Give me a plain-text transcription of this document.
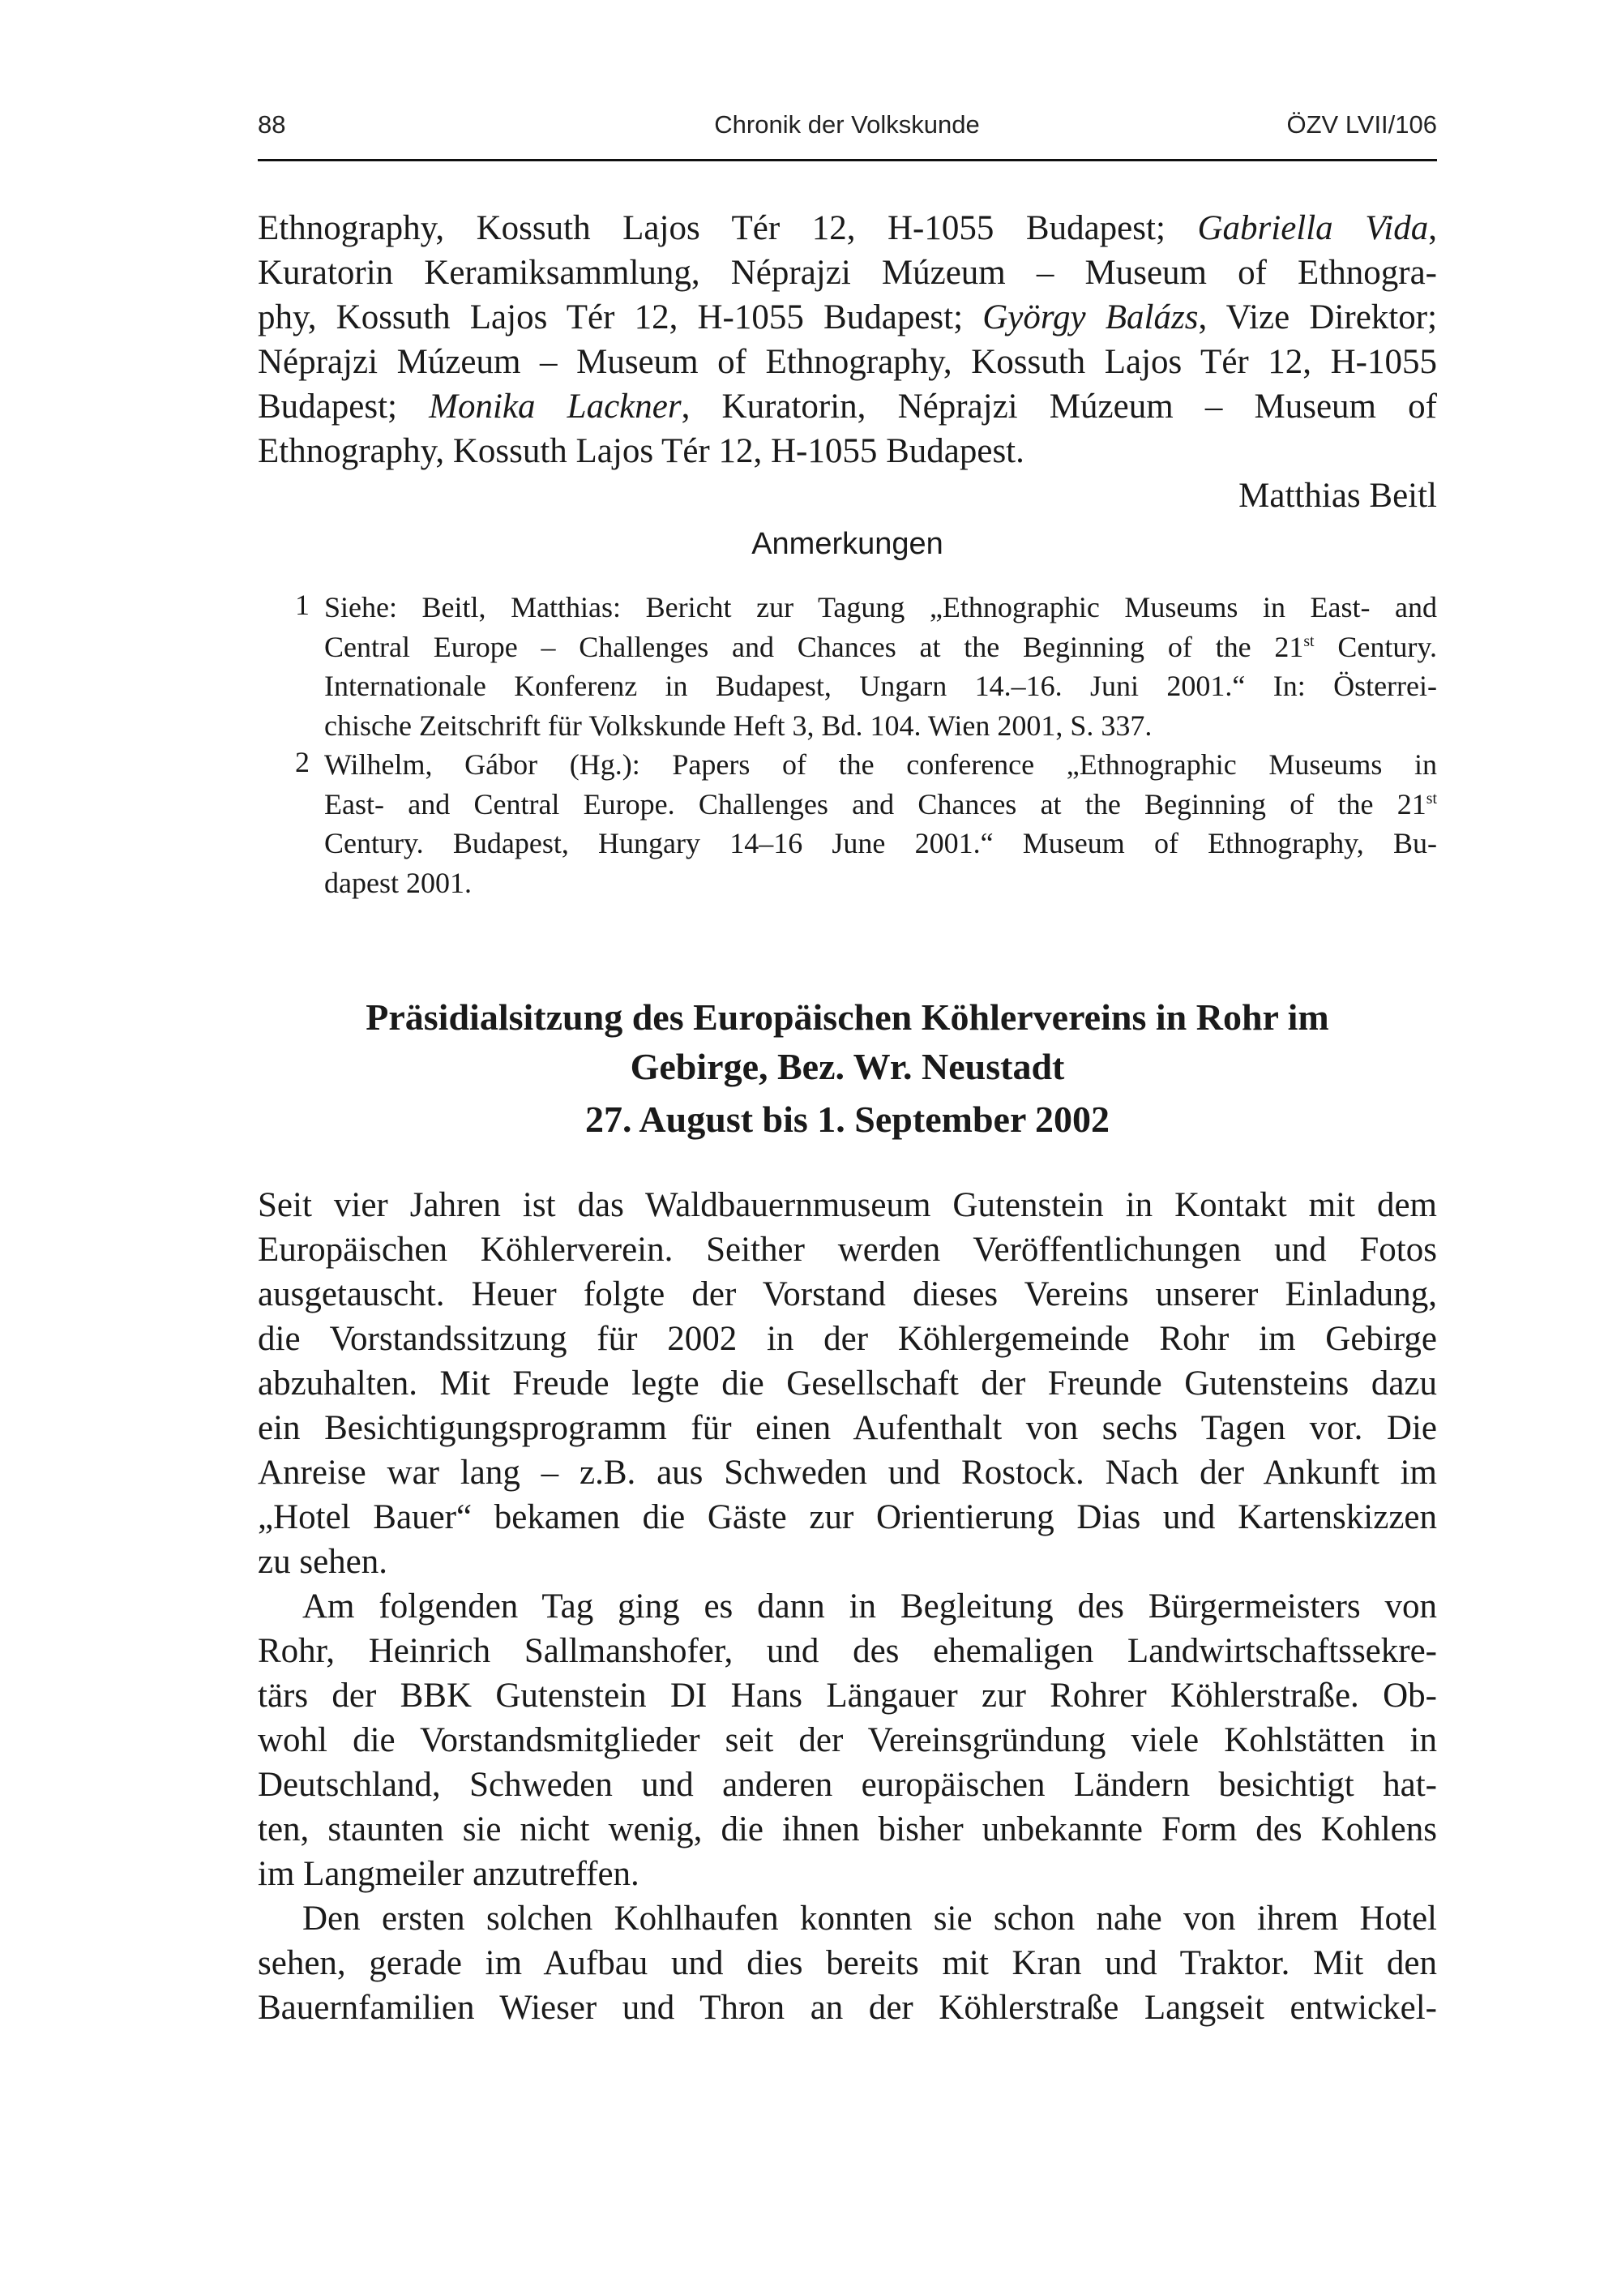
88	Chronik der Volkskunde	ÖZV LVII/106
Ethnography, Kossuth Lajos Tér 12, H-1055 Budapest; Gabriella Vida,
Kuratorin Keramiksammlung, Néprajzi Múzeum – Museum of Ethnogra-
phy, Kossuth Lajos Tér 12, H-1055 Budapest; György Balázs, Vize Direktor;
Néprajzi Múzeum – Museum of Ethnography, Kossuth Lajos Tér 12, H-1055
Budapest; Monika Lackner, Kuratorin, Néprajzi Múzeum – Museum of
Ethnography, Kossuth Lajos Tér 12, H-1055 Budapest.
Matthias Beitl
Anmerkungen
1 Siehe: Beitl, Matthias: Bericht zur Tagung „Ethnographic Museums in East- and
Central Europe – Challenges and Chances at the Beginning of the 21st Century.
Internationale Konferenz in Budapest, Ungarn 14.–16. Juni 2001.“ In: Österrei-
chische Zeitschrift für Volkskunde Heft 3, Bd. 104. Wien 2001, S. 337.
2 Wilhelm, Gábor (Hg.): Papers of the conference „Ethnographic Museums in
East- and Central Europe. Challenges and Chances at the Beginning of the 21st
Century. Budapest, Hungary 14–16 June 2001.“ Museum of Ethnography, Bu-
dapest 2001.
Präsidialsitzung des Europäischen Köhlervereins in Rohr im
Gebirge, Bez. Wr. Neustadt
27. August bis 1. September 2002
Seit vier Jahren ist das Waldbauernmuseum Gutenstein in Kontakt mit dem
Europäischen Köhlerverein. Seither werden Veröffentlichungen und Fotos
ausgetauscht. Heuer folgte der Vorstand dieses Vereins unserer Einladung,
die Vorstandssitzung für 2002 in der Köhlergemeinde Rohr im Gebirge
abzuhalten. Mit Freude legte die Gesellschaft der Freunde Gutensteins dazu
ein Besichtigungsprogramm für einen Aufenthalt von sechs Tagen vor. Die
Anreise war lang – z.B. aus Schweden und Rostock. Nach der Ankunft im
„Hotel Bauer“ bekamen die Gäste zur Orientierung Dias und Kartenskizzen
zu sehen.
Am folgenden Tag ging es dann in Begleitung des Bürgermeisters von
Rohr, Heinrich Sallmanshofer, und des ehemaligen Landwirtschaftssekre-
tärs der BBK Gutenstein DI Hans Längauer zur Rohrer Köhlerstraße. Ob-
wohl die Vorstandsmitglieder seit der Vereinsgründung viele Kohlstätten in
Deutschland, Schweden und anderen europäischen Ländern besichtigt hat-
ten, staunten sie nicht wenig, die ihnen bisher unbekannte Form des Kohlens
im Langmeiler anzutreffen.
Den ersten solchen Kohlhaufen konnten sie schon nahe von ihrem Hotel
sehen, gerade im Aufbau und dies bereits mit Kran und Traktor. Mit den
Bauernfamilien Wieser und Thron an der Köhlerstraße Langseit entwickel-
